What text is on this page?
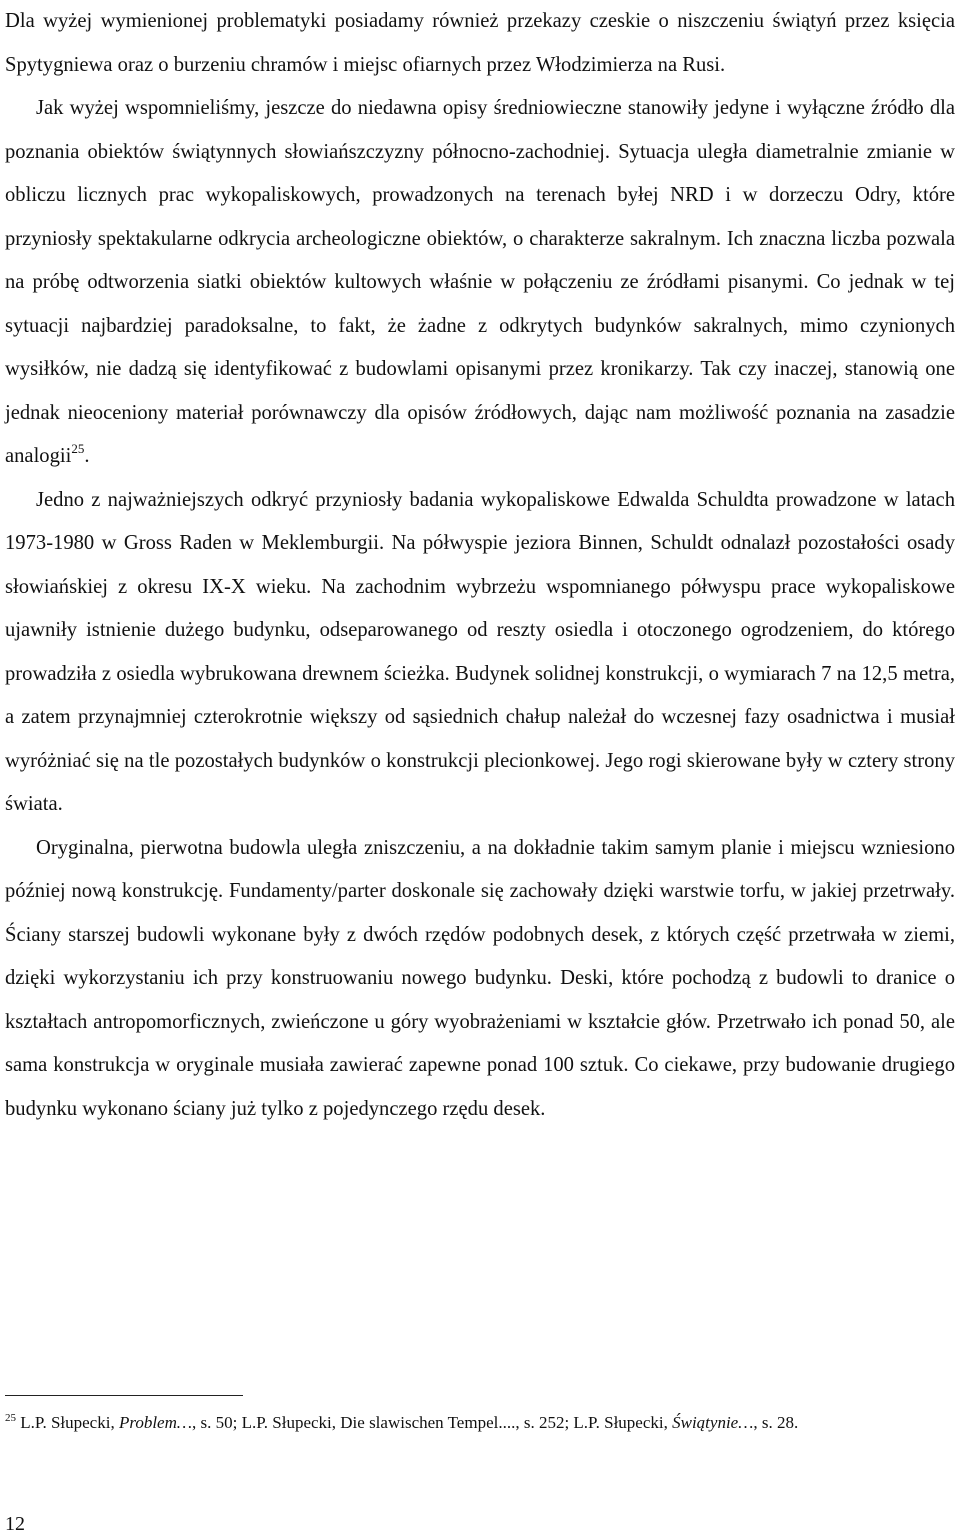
Dla wyżej wymienionej problematyki posiadamy również przekazy czeskie o niszczeniu świątyń przez księcia Spytygniewa oraz o burzeniu chramów i miejsc ofiarnych przez Włodzimierza na Rusi.

Jak wyżej wspomnieliśmy, jeszcze do niedawna opisy średniowieczne stanowiły jedyne i wyłączne źródło dla poznania obiektów świątynnych słowiańszczyzny północno-zachodniej. Sytuacja uległa diametralnie zmianie w obliczu licznych prac wykopaliskowych, prowadzonych na terenach byłej NRD i w dorzeczu Odry, które przyniosły spektakularne odkrycia archeologiczne obiektów, o charakterze sakralnym. Ich znaczna liczba pozwala na próbę odtworzenia siatki obiektów kultowych właśnie w połączeniu ze źródłami pisanymi. Co jednak w tej sytuacji najbardziej paradoksalne, to fakt, że żadne z odkrytych budynków sakralnych, mimo czynionych wysiłków, nie dadzą się identyfikować z budowlami opisanymi przez kronikarzy. Tak czy inaczej, stanowią one jednak nieoceniony materiał porównawczy dla opisów źródłowych, dając nam możliwość poznania na zasadzie analogii$^{25}$.

Jedno z najważniejszych odkryć przyniosły badania wykopaliskowe Edwalda Schuldta prowadzone w latach 1973-1980 w Gross Raden w Meklemburgii. Na półwyspie jeziora Binnen, Schuldt odnalazł pozostałości osady słowiańskiej z okresu IX-X wieku. Na zachodnim wybrzeżu wspomnianego półwyspu prace wykopaliskowe ujawniły istnienie dużego budynku, odseparowanego od reszty osiedla i otoczonego ogrodzeniem, do którego prowadziła z osiedla wybrukowana drewnem ścieżka. Budynek solidnej konstrukcji, o wymiarach 7 na 12,5 metra, a zatem przynajmniej czterokrotnie większy od sąsiednich chałup należał do wczesnej fazy osadnictwa i musiał wyróżniać się na tle pozostałych budynków o konstrukcji plecionkowej. Jego rogi skierowane były w cztery strony świata.

Oryginalna, pierwotna budowla uległa zniszczeniu, a na dokładnie takim samym planie i miejscu wzniesiono później nową konstrukcję. Fundamenty/parter doskonale się zachowały dzięki warstwie torfu, w jakiej przetrwały. Ściany starszej budowli wykonane były z dwóch rzędów podobnych desek, z których część przetrwała w ziemi, dzięki wykorzystaniu ich przy konstruowaniu nowego budynku. Deski, które pochodzą z budowli to dranice o kształtach antropomorficznych, zwieńczone u góry wyobrażeniami w kształcie głów. Przetrwało ich ponad 50, ale sama konstrukcja w oryginale musiała zawierać zapewne ponad 100 sztuk. Co ciekawe, przy budowanie drugiego budynku wykonano ściany już tylko z pojedynczego rzędu desek.

$^{25}$ L.P. Słupecki, Problem…, s. 50; L.P. Słupecki, Die slawischen Tempel...., s. 252; L.P. Słupecki, Świątynie…, s. 28.
12
